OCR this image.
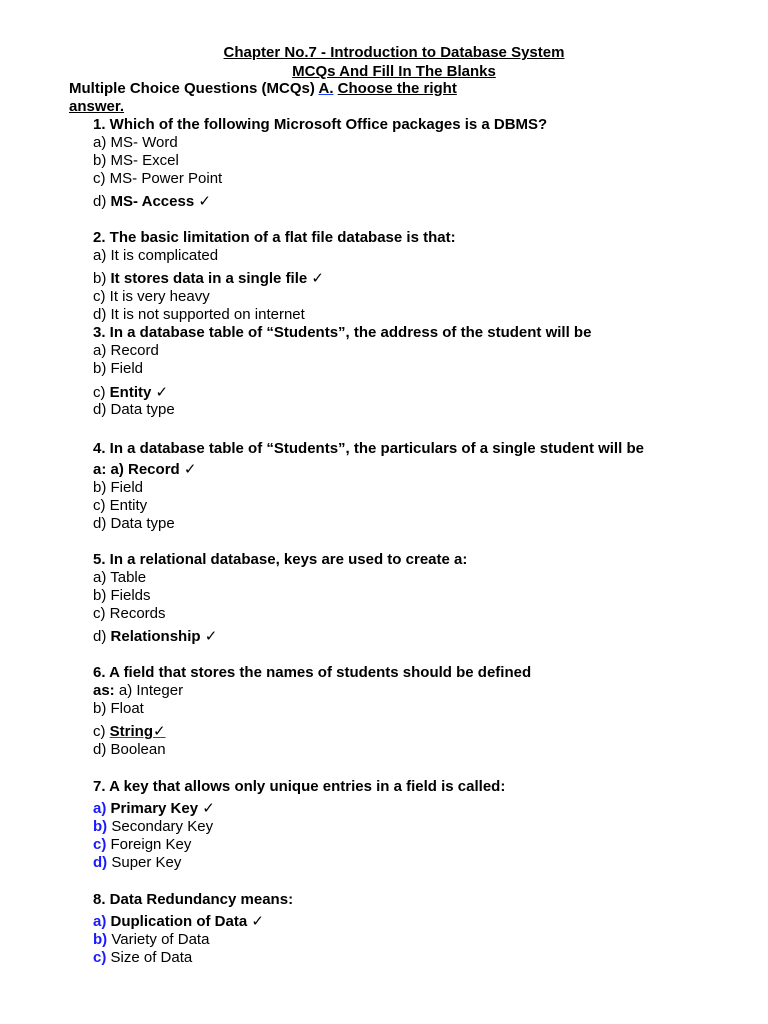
Chapter No.7 - Introduction to Database System
MCQs And Fill In The Blanks
Multiple Choice Questions (MCQs) A. Choose the right
answer.
1. Which of the following Microsoft Office packages is a DBMS?
a) MS- Word
b) MS- Excel
c) MS- Power Point
d) MS- Access ✓
2. The basic limitation of a flat file database is that:
a) It is complicated
b) It stores data in a single file ✓
c) It is very heavy
d) It is not supported on internet
3. In a database table of “Students”, the address of the student will be
a) Record
b) Field
c) Entity ✓
d) Data type
4. In a database table of “Students”, the particulars of a single student will be
a: a) Record ✓
b) Field
c) Entity
d) Data type
5. In a relational database, keys are used to create a:
a) Table
b) Fields
c) Records
d) Relationship ✓
6. A field that stores the names of students should be defined
as: a) Integer
b) Float
c) String✓
d) Boolean
7. A key that allows only unique entries in a field is called:
a) Primary Key ✓
b) Secondary Key
c) Foreign Key
d) Super Key
8. Data Redundancy means:
a) Duplication of Data ✓
b) Variety of Data
c) Size of Data
